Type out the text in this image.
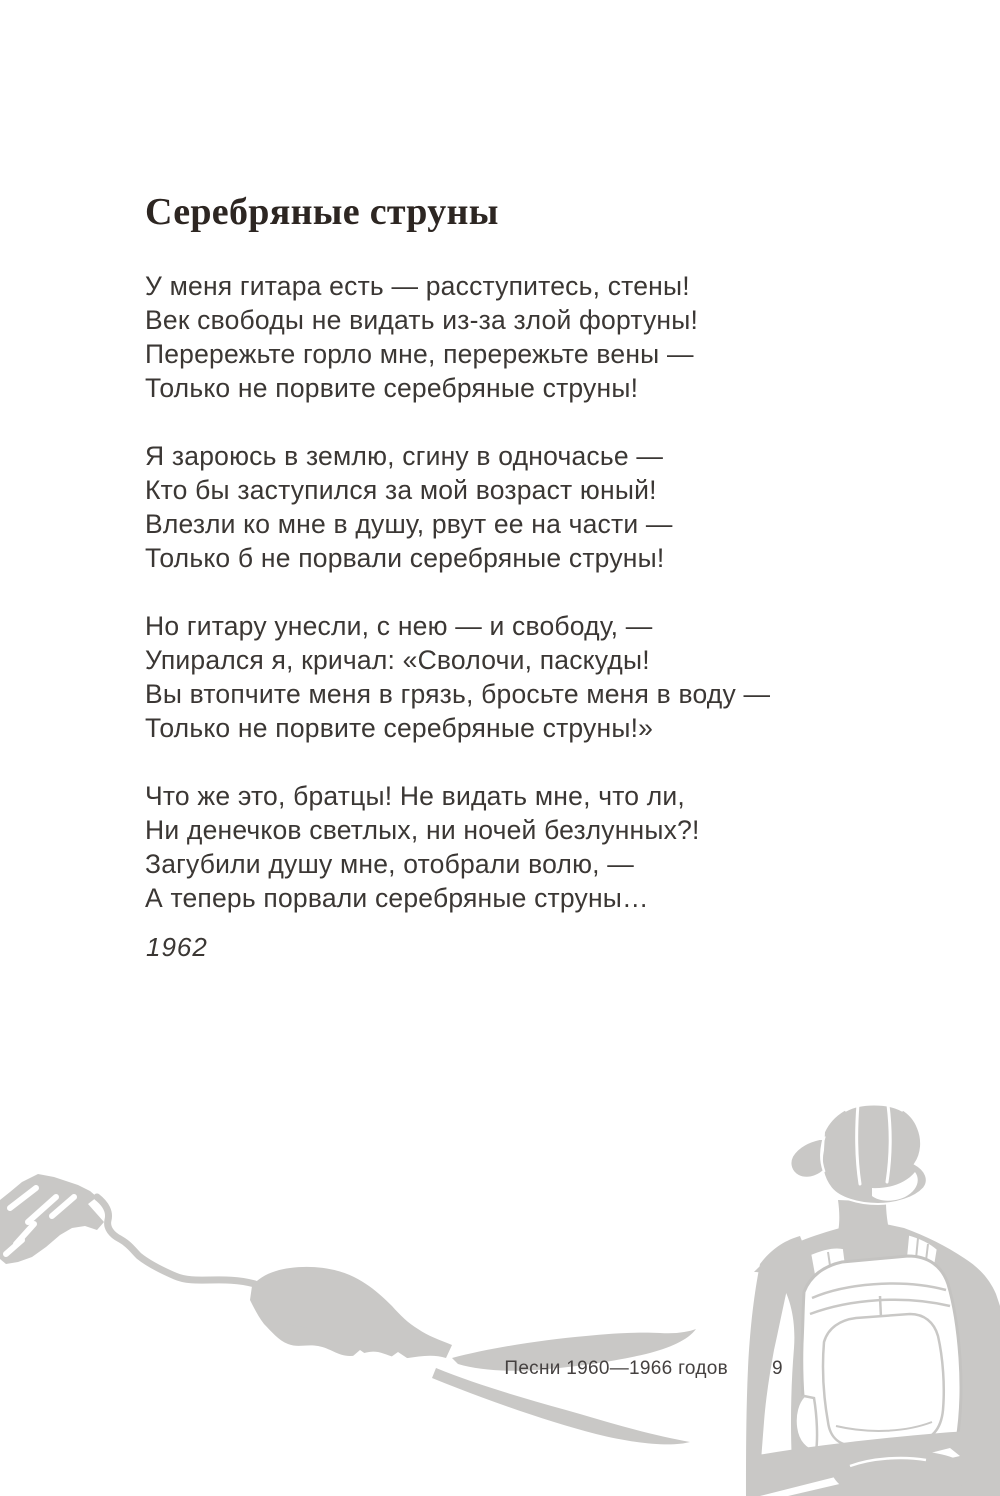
Серебряные струны

У меня гитара есть — расступитесь, стены!

Век свободы не видать из-за злой фортуны!

Перережьте горло мне, перережьте вены —

Только не порвите серебряные струны!

Я зароюсь в землю, сгину в одночасье —

Кто бы заступился за мой возраст юный!

Влезли ко мне в душу, рвут ее на части —

Только б не порвали серебряные струны!

Но гитару унесли, с нею — и свободу, —

Упирался я, кричал: «Сволочи, паскуды!

Вы втопчите меня в грязь, бросьте меня в воду —

Только не порвите серебряные струны!»

Что же это, братцы! Не видать мне, что ли,

Ни денечков светлых, ни ночей безлунных?!

Загубили душу мне, отобрали волю, —

А теперь порвали серебряные струны…

1962
Песни 1960—1966 годов 9
